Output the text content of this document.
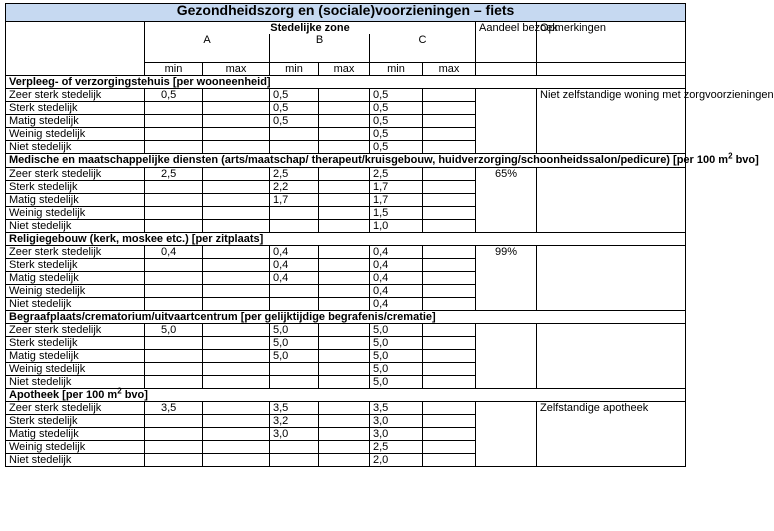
Gezondheidszorg en (sociale)voorzieningen – fiets								
	Stedelijke zone						Aandeel bezoek	Opmerkingen
	A		B		C			
	min	max	min	max	min	max		
Verpleeg- of verzorgingstehuis [per wooneenheid]								
Zeer sterk stedelijk	0,5		0,5		0,5			Niet zelfstandige woning met zorgvoorzieningen
Sterk stedelijk			0,5		0,5			
Matig stedelijk			0,5		0,5			
Weinig stedelijk					0,5			
Niet stedelijk					0,5			
Medische en maatschappelijke diensten (arts/maatschap/ therapeut/kruisgebouw, huidverzorging/schoonheidssalon/pedicure) [per 100 $m^2$ bvo]								
Zeer sterk stedelijk	2,5		2,5		2,5		65%	
Sterk stedelijk			2,2		1,7			
Matig stedelijk			1,7		1,7			
Weinig stedelijk					1,5			
Niet stedelijk					1,0			
Religiegebouw (kerk, moskee etc.) [per zitplaats]								
Zeer sterk stedelijk	0,4		0,4		0,4		99%	
Sterk stedelijk			0,4		0,4			
Matig stedelijk			0,4		0,4			
Weinig stedelijk					0,4			
Niet stedelijk					0,4			
Begraafplaats/crematorium/uitvaartcentrum [per gelijktijdige begrafenis/crematie]								
Zeer sterk stedelijk	5,0		5,0		5,0			
Sterk stedelijk			5,0		5,0			
Matig stedelijk			5,0		5,0			
Weinig stedelijk					5,0			
Niet stedelijk					5,0			
Apotheek [per 100 $m^2$ bvo]								
Zeer sterk stedelijk	3,5		3,5		3,5			Zelfstandige apotheek
Sterk stedelijk			3,2		3,0			
Matig stedelijk			3,0		3,0			
Weinig stedelijk					2,5			
Niet stedelijk					2,0			
